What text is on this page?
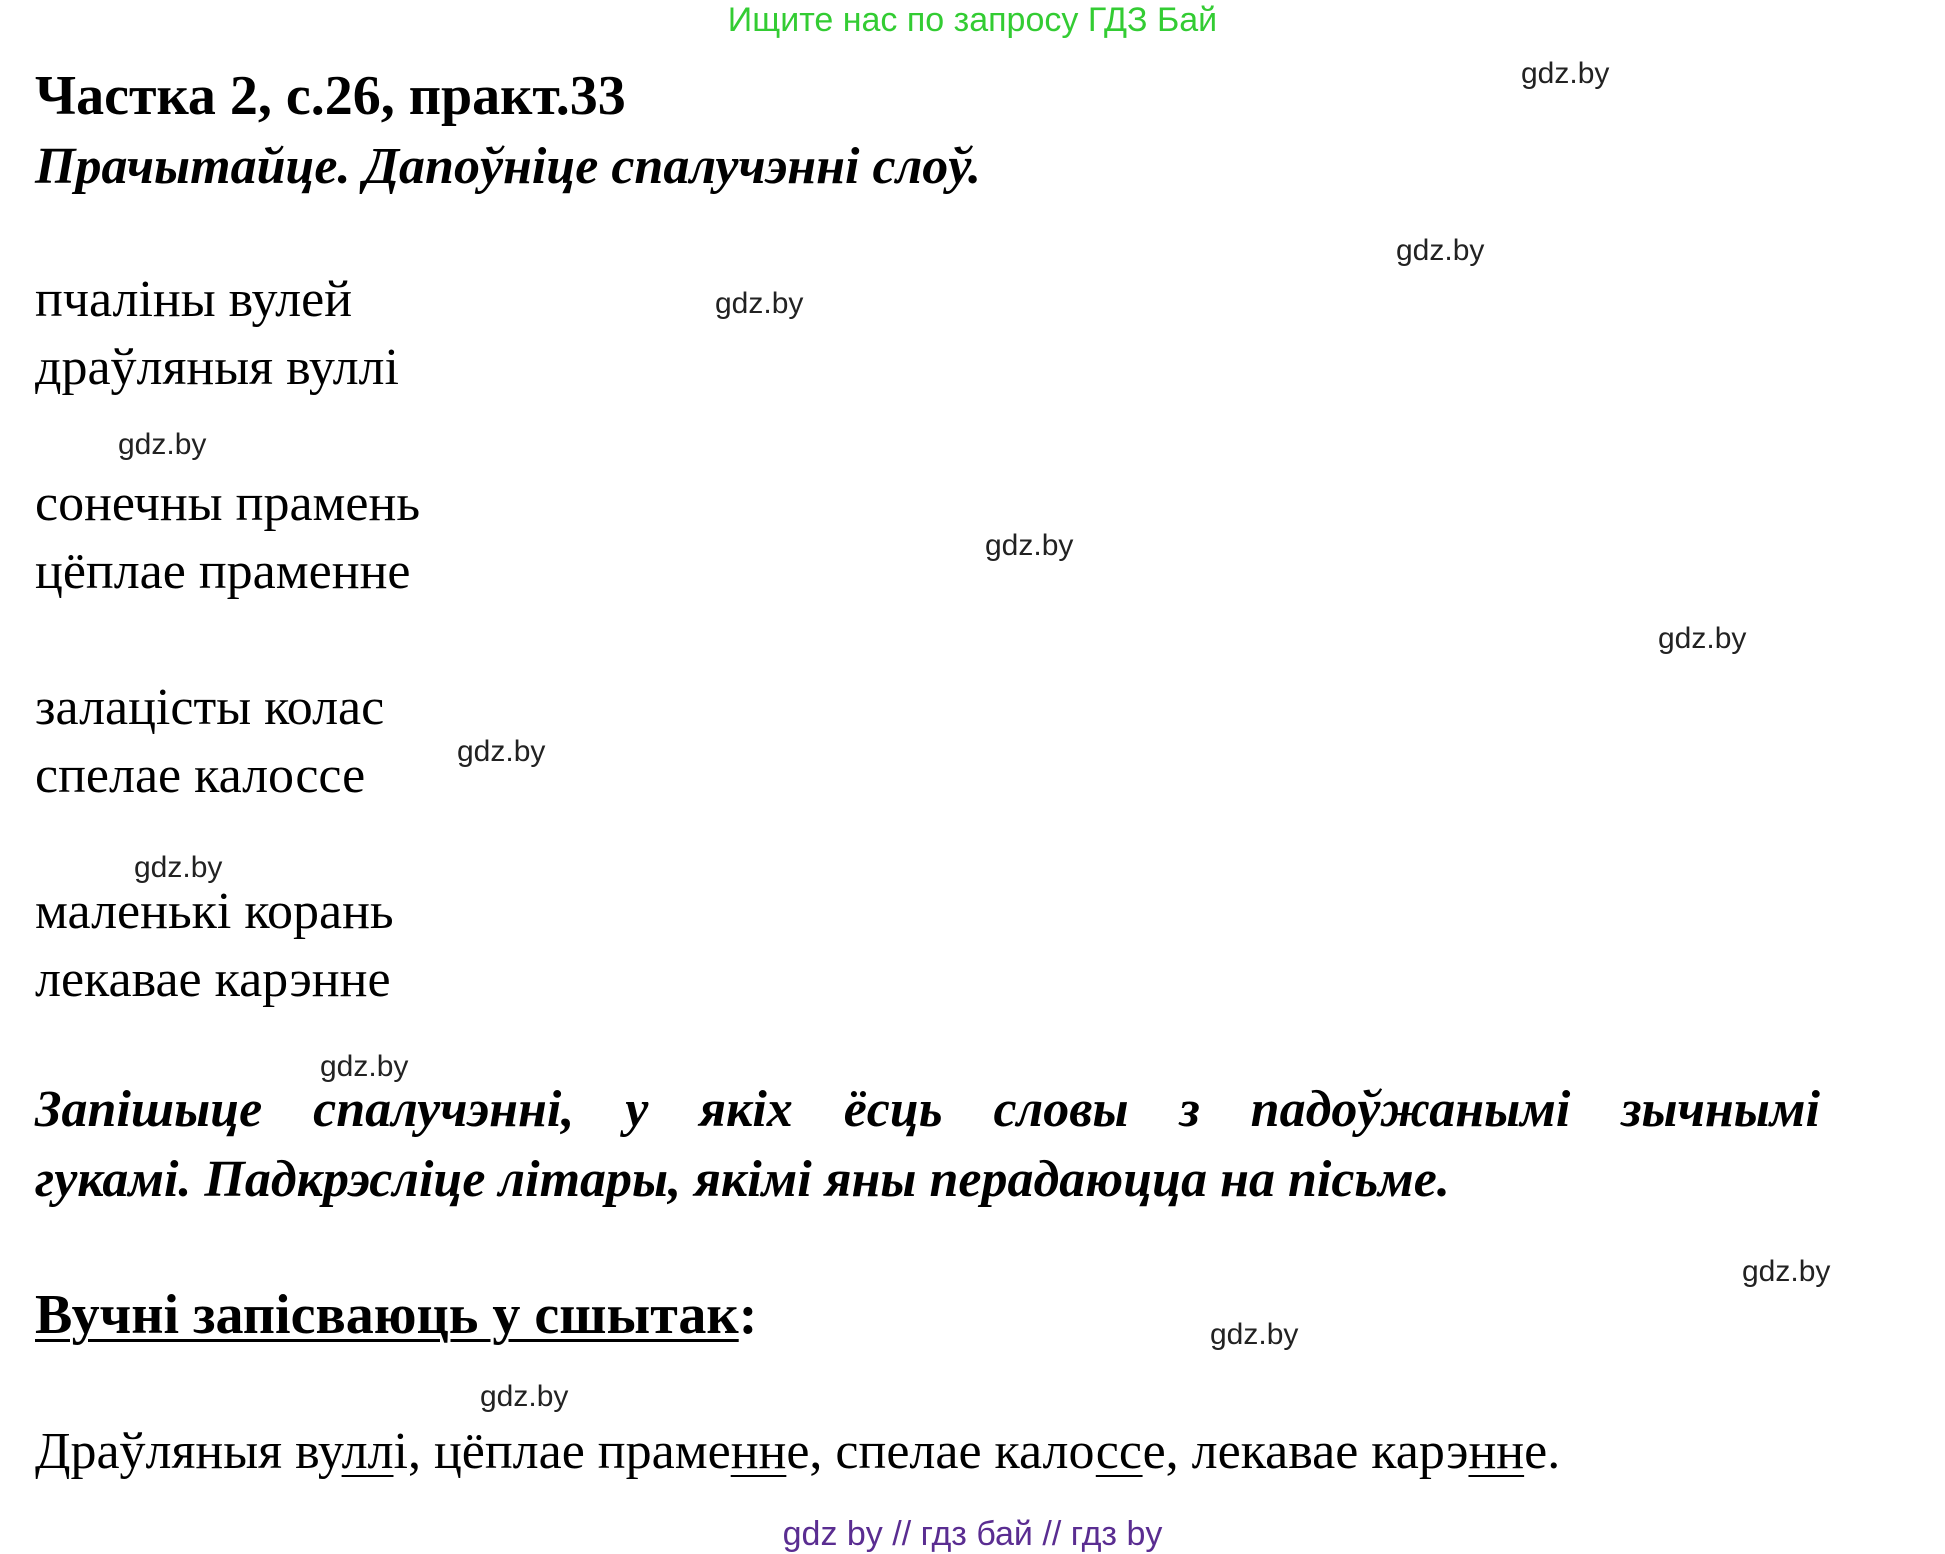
Ищите нас по запросу ГДЗ Бай
Частка 2, с.26, практ.33
Прачытайце. Дапоўніце спалучэнні слоў.
пчаліны вулей
драўляныя вуллі
сонечны прамень
цёплае праменне
залацісты колас
спелае калоссе
маленькі корань
лекавае карэнне
Запішыце спалучэнні, у якіх ёсць словы з падоўжанымі зычнымі
гукамі. Падкрэсліце літары, якімі яны перадаюцца на пісьме.
Вучні запісваюць у сшытак:
Драўляныя вуллі, цёплае праменне, спелае калоссе, лекавае карэнне.
gdz.by
gdz.by
gdz.by
gdz.by
gdz.by
gdz.by
gdz.by
gdz.by
gdz.by
gdz.by
gdz.by
gdz.by
gdz by // гдз бай // гдз by
